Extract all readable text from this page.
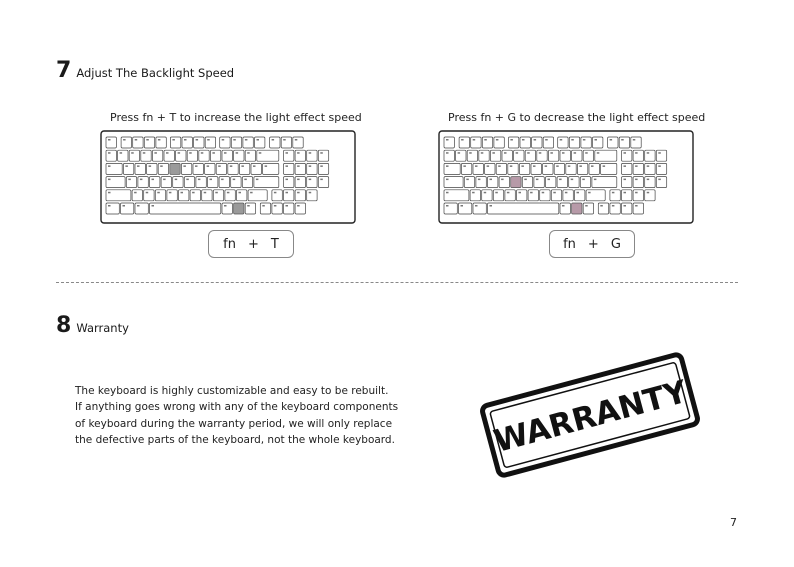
7 Adjust The Backlight Speed
Press fn + T to increase the light effect speed	Press fn + G to decrease the light effect speed
fn + T	fn + G
8 Warranty
The keyboard is highly customizable and easy to be rebuilt.
If anything goes wrong with any of the keyboard components
of keyboard during the warranty period, we will only replace
the defective parts of the keyboard, not the whole keyboard.	WARRANTY
7
